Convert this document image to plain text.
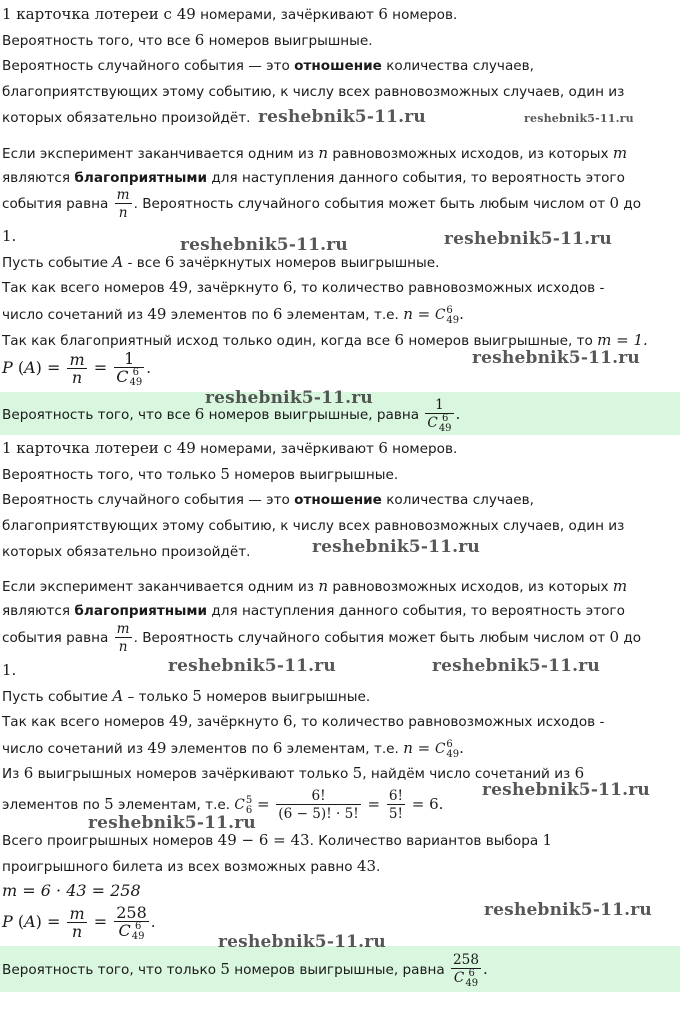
1 карточка лотереи с 49 номерами, зачёркивают 6 номеров.
Вероятность того, что все 6 номеров выигрышные.
Вероятность случайного события — это отношение количества случаев,
благоприятствующих этому событию, к числу всех равновозможных случаев, один из
которых обязательно произойдёт.
Если эксперимент заканчивается одним из n равновозможных исходов, из которых m
являются благоприятными для наступления данного события, то вероятность этого
события равна $\frac{m}{n}$ . Вероятность случайного события может быть любым числом от 0 до
1.
Пусть событие A - все 6 зачёркнутых номеров выигрышные.
Так как всего номеров 49, зачёркнуто 6, то количество равновозможных исходов -
число сочетаний из 49 элементов по 6 элементам, т.е. n = C 6
49 .
Так как благоприятный исход только один, когда все 6 номеров выигрышные, то m = 1.
P $(A) = \frac{m}{n} = 1$
C 6
49 .
Вероятность того, что все 6 номеров выигрышные, равна 1
C 6
49 .
1 карточка лотереи с 49 номерами, зачёркивают 6 номеров.
Вероятность того, что только 5 номеров выигрышные.
Вероятность случайного события — это отношение количества случаев,
благоприятствующих этому событию, к числу всех равновозможных случаев, один из
которых обязательно произойдёт.
Если эксперимент заканчивается одним из n равновозможных исходов, из которых m
являются благоприятными для наступления данного события, то вероятность этого
события равна $\frac{m}{n}$ . Вероятность случайного события может быть любым числом от 0 до
1.
Пусть событие A – только 5 номеров выигрышные.
Так как всего номеров 49, зачёркнуто 6, то количество равновозможных исходов -
число сочетаний из 49 элементов по 6 элементам, т.е. n = C 6
49 .
Из 6 выигрышных номеров зачёркивают только 5, найдём число сочетаний из 6
элементов по 5 элементам, т.е. C 5
$6 = \frac{6!}{(6 - 5)! \cdot 5!} = \frac{6!}{5!} = 6$.
Всего проигрышных номеров 49 − 6 = 43. Количество вариантов выбора 1
проигрышного билета из всех возможных равно 43.
m = 6 · 43 = 258
P $(A) = \frac{m}{n} = 258$
C 6
49 .
Вероятность того, что только 5 номеров выигрышные, равна 258
C 6
49 .
reshebnik5-11.ru	reshebnik5-11.ru
reshebnik5-11.ru	reshebnik5-11.ru
reshebnik5-11.ru
reshebnik5-11.ru
reshebnik5-11.ru
reshebnik5-11.ru	reshebnik5-11.ru
reshebnik5-11.ru
reshebnik5-11.ru
reshebnik5-11.ru
reshebnik5-11.ru
